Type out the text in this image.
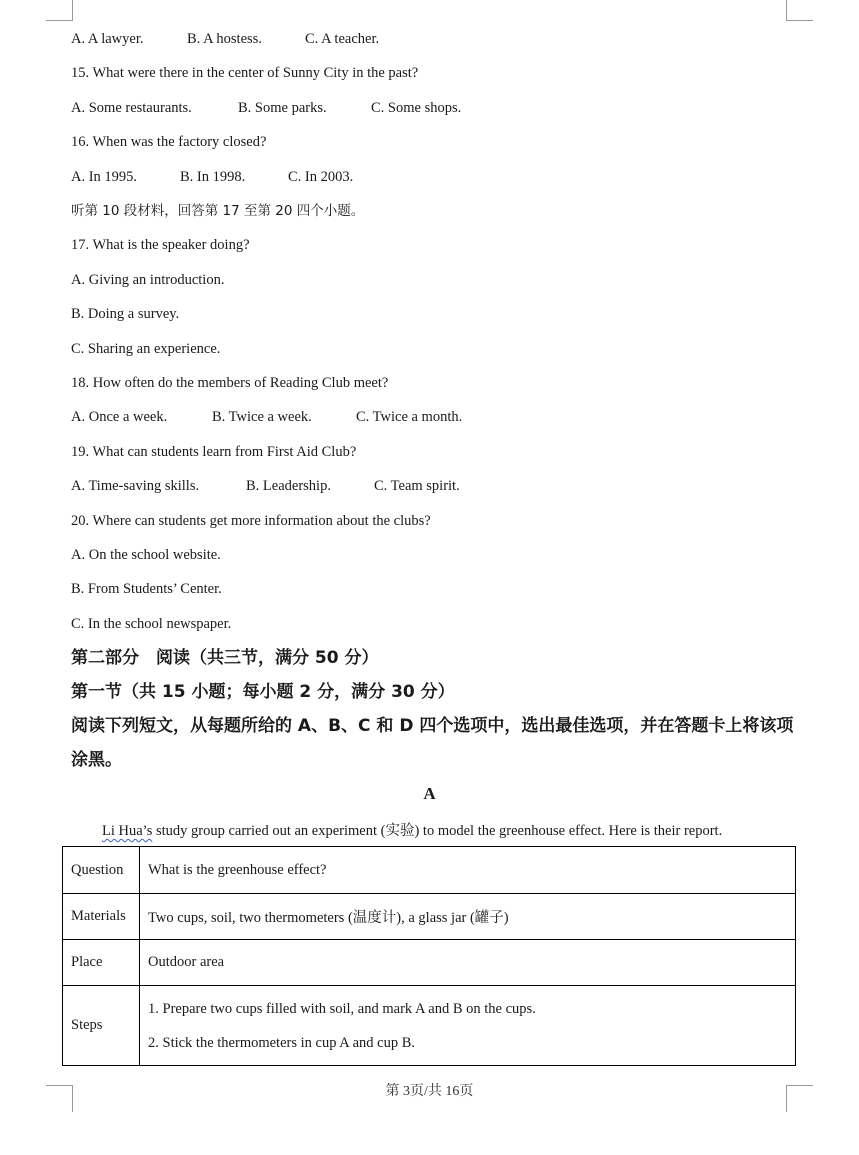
A. A lawyer.	B. A hostess.	C. A teacher.
15. What were there in the center of Sunny City in the past?
A. Some restaurants.	B. Some parks.	C. Some shops.
16. When was the factory closed?
A. In 1995.	B. In 1998.	C. In 2003.
听第 10 段材料，回答第 17 至第 20 四个小题。
17. What is the speaker doing?
A. Giving an introduction.
B. Doing a survey.
C. Sharing an experience.
18. How often do the members of Reading Club meet?
A. Once a week.	B. Twice a week.	C. Twice a month.
19. What can students learn from First Aid Club?
A. Time-saving skills.	B. Leadership.	C. Team spirit.
20. Where can students get more information about the clubs?
A. On the school website.
B. From Students’ Center.
C. In the school newspaper.
第二部分　阅读（共三节，满分 50 分）
第一节（共 15 小题；每小题 2 分，满分 30 分）
阅读下列短文，从每题所给的 A、B、C 和 D 四个选项中，选出最佳选项，并在答题卡上将该项涂黑。
A
Li Hua’s study group carried out an experiment (实验) to model the greenhouse effect. Here is their report.
Question	What is the greenhouse effect?
Materials	Two cups, soil, two thermometers (温度计), a glass jar (罐子)
Place	Outdoor area
Steps	1. Prepare two cups filled with soil, and mark A and B on the cups.
2. Stick the thermometers in cup A and cup B.
第 3页/共 16页
